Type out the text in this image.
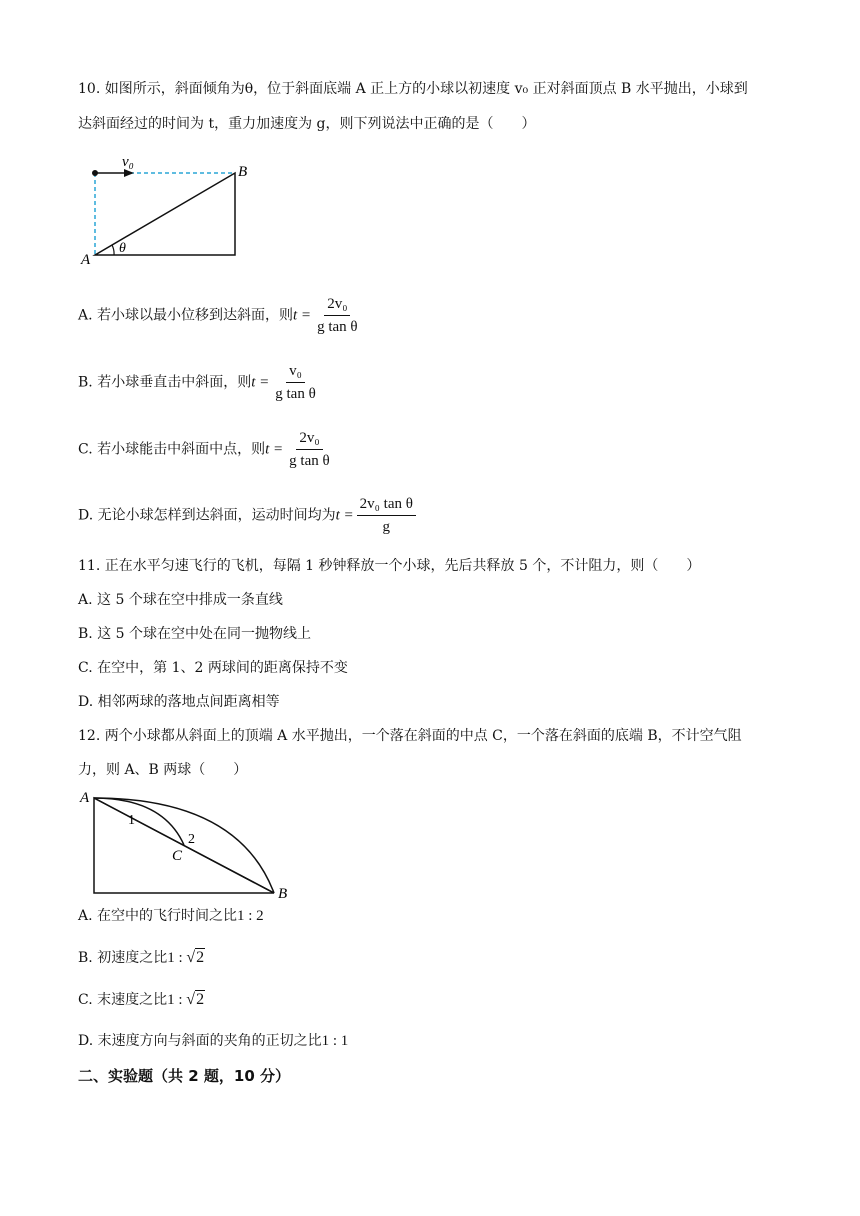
10. 如图所示，斜面倾角为θ，位于斜面底端 A 正上方的小球以初速度 v₀ 正对斜面顶点 B 水平抛出，小球到
达斜面经过的时间为 t，重力加速度为 g，则下列说法中正确的是（　　）
v₀
B
A
θ
A. 若小球以最小位移到达斜面，则$t = \frac{\text{2v₀}}{\text{g tan θ}}$
B. 若小球垂直击中斜面，则$t = \frac{\text{v₀}}{\text{g tan θ}}$
C. 若小球能击中斜面中点，则$t = \frac{\text{2v₀}}{\text{g tan θ}}$
D. 无论小球怎样到达斜面，运动时间均为$t = \frac{\text{2v₀ tan θ}}{g}$
11. 正在水平匀速飞行的飞机，每隔 1 秒钟释放一个小球，先后共释放 5 个，不计阻力，则（　　）
A. 这 5 个球在空中排成一条直线
B. 这 5 个球在空中处在同一抛物线上
C. 在空中，第 1、2 两球间的距离保持不变
D. 相邻两球的落地点间距离相等
12. 两个小球都从斜面上的顶端 A 水平抛出，一个落在斜面的中点 C，一个落在斜面的底端 B，不计空气阻
力，则 A、B 两球（　　）
A
B
C
1
2
A. 在空中的飞行时间之比1 : 2
B. 初速度之比1 : √2
C. 末速度之比1 : √2
D. 末速度方向与斜面的夹角的正切之比1 : 1
二、实验题（共 2 题，10 分）
